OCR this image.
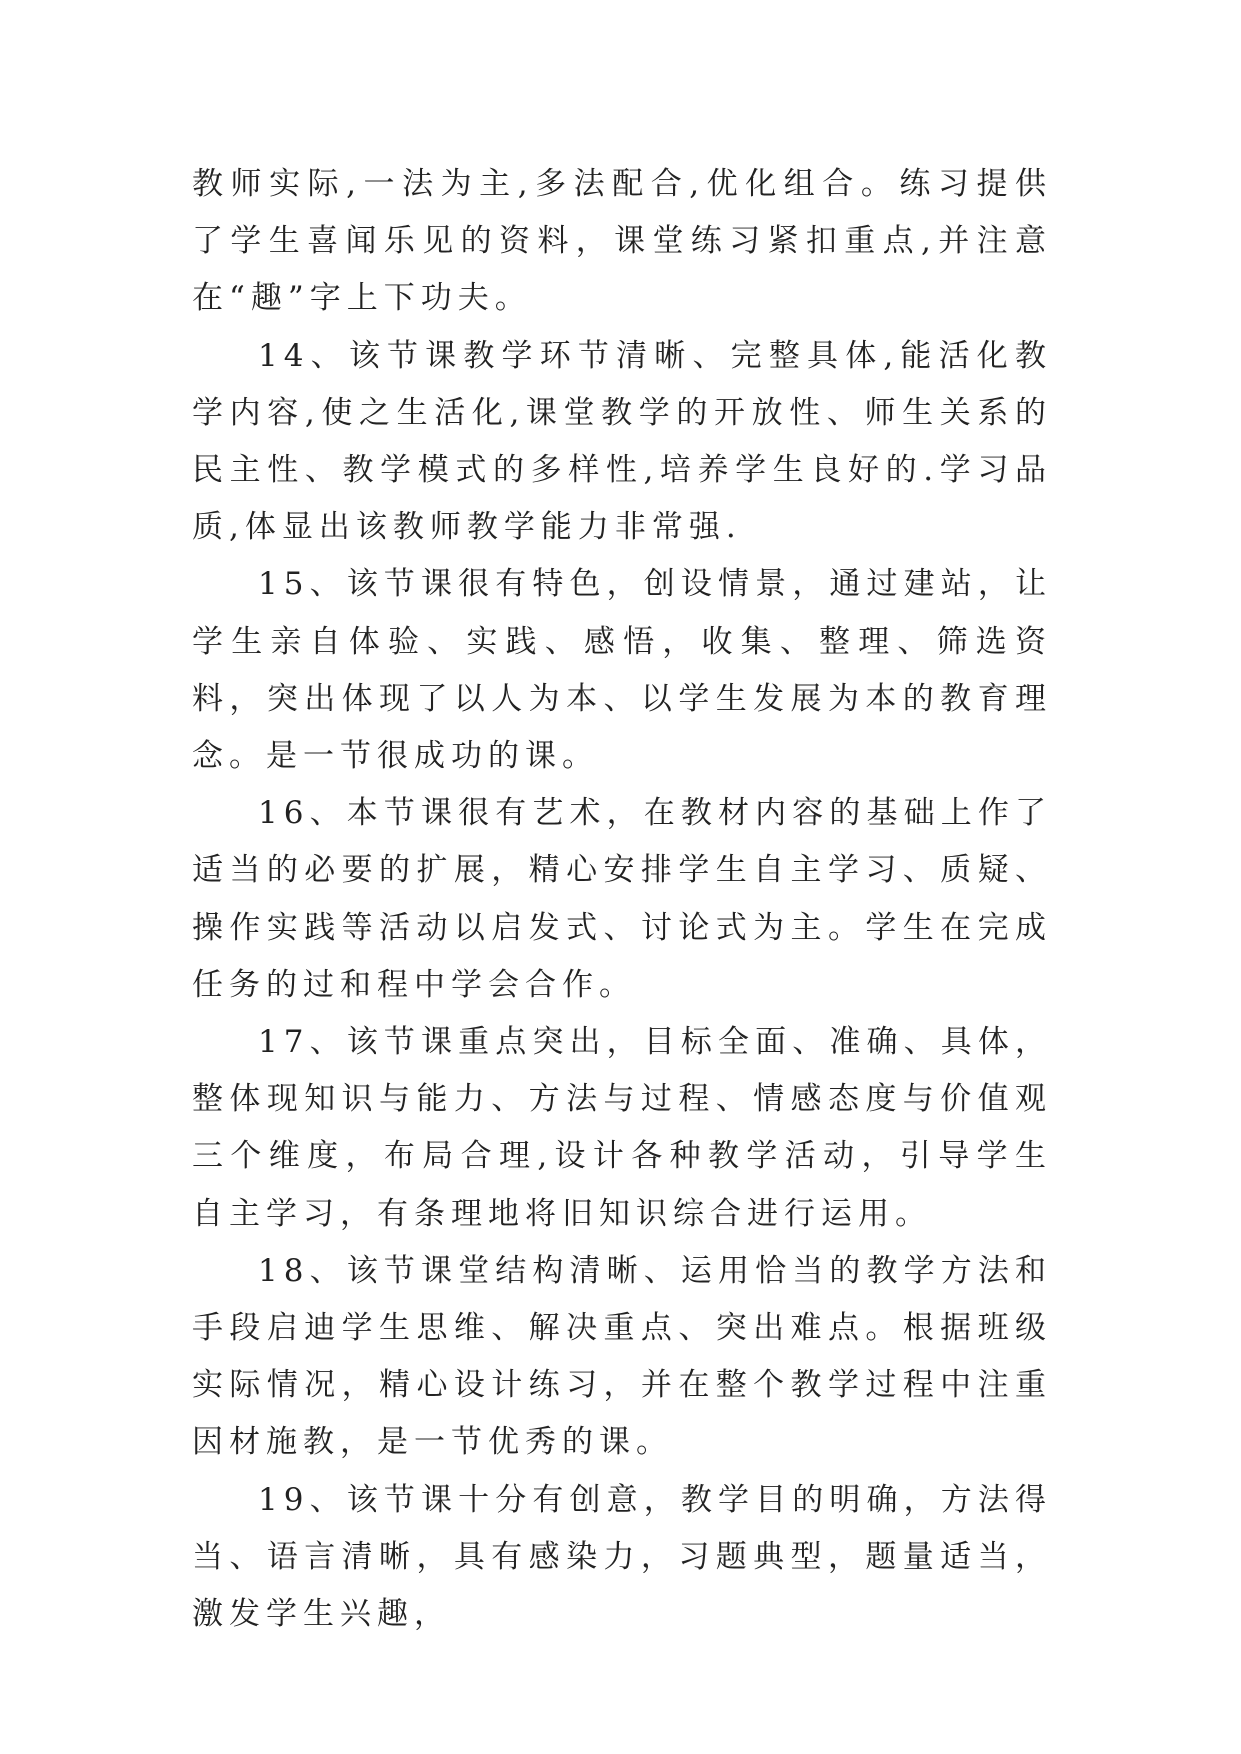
教师实际,一法为主,多法配合,优化组合。练习提供了学生喜闻乐见的资料，课堂练习紧扣重点,并注意在“趣”字上下功夫。

14、该节课教学环节清晰、完整具体,能活化教学内容,使之生活化,课堂教学的开放性、师生关系的民主性、教学模式的多样性,培养学生良好的.学习品质,体显出该教师教学能力非常强.

15、该节课很有特色，创设情景，通过建站，让学生亲自体验、实践、感悟，收集、整理、筛选资料，突出体现了以人为本、以学生发展为本的教育理念。是一节很成功的课。

16、本节课很有艺术，在教材内容的基础上作了适当的必要的扩展，精心安排学生自主学习、质疑、操作实践等活动以启发式、讨论式为主。学生在完成任务的过和程中学会合作。

17、该节课重点突出，目标全面、准确、具体，整体现知识与能力、方法与过程、情感态度与价值观三个维度，布局合理,设计各种教学活动，引导学生自主学习，有条理地将旧知识综合进行运用。

18、该节课堂结构清晰、运用恰当的教学方法和手段启迪学生思维、解决重点、突出难点。根据班级实际情况，精心设计练习，并在整个教学过程中注重因材施教，是一节优秀的课。

19、该节课十分有创意，教学目的明确，方法得当、语言清晰，具有感染力，习题典型，题量适当，激发学生兴趣，
